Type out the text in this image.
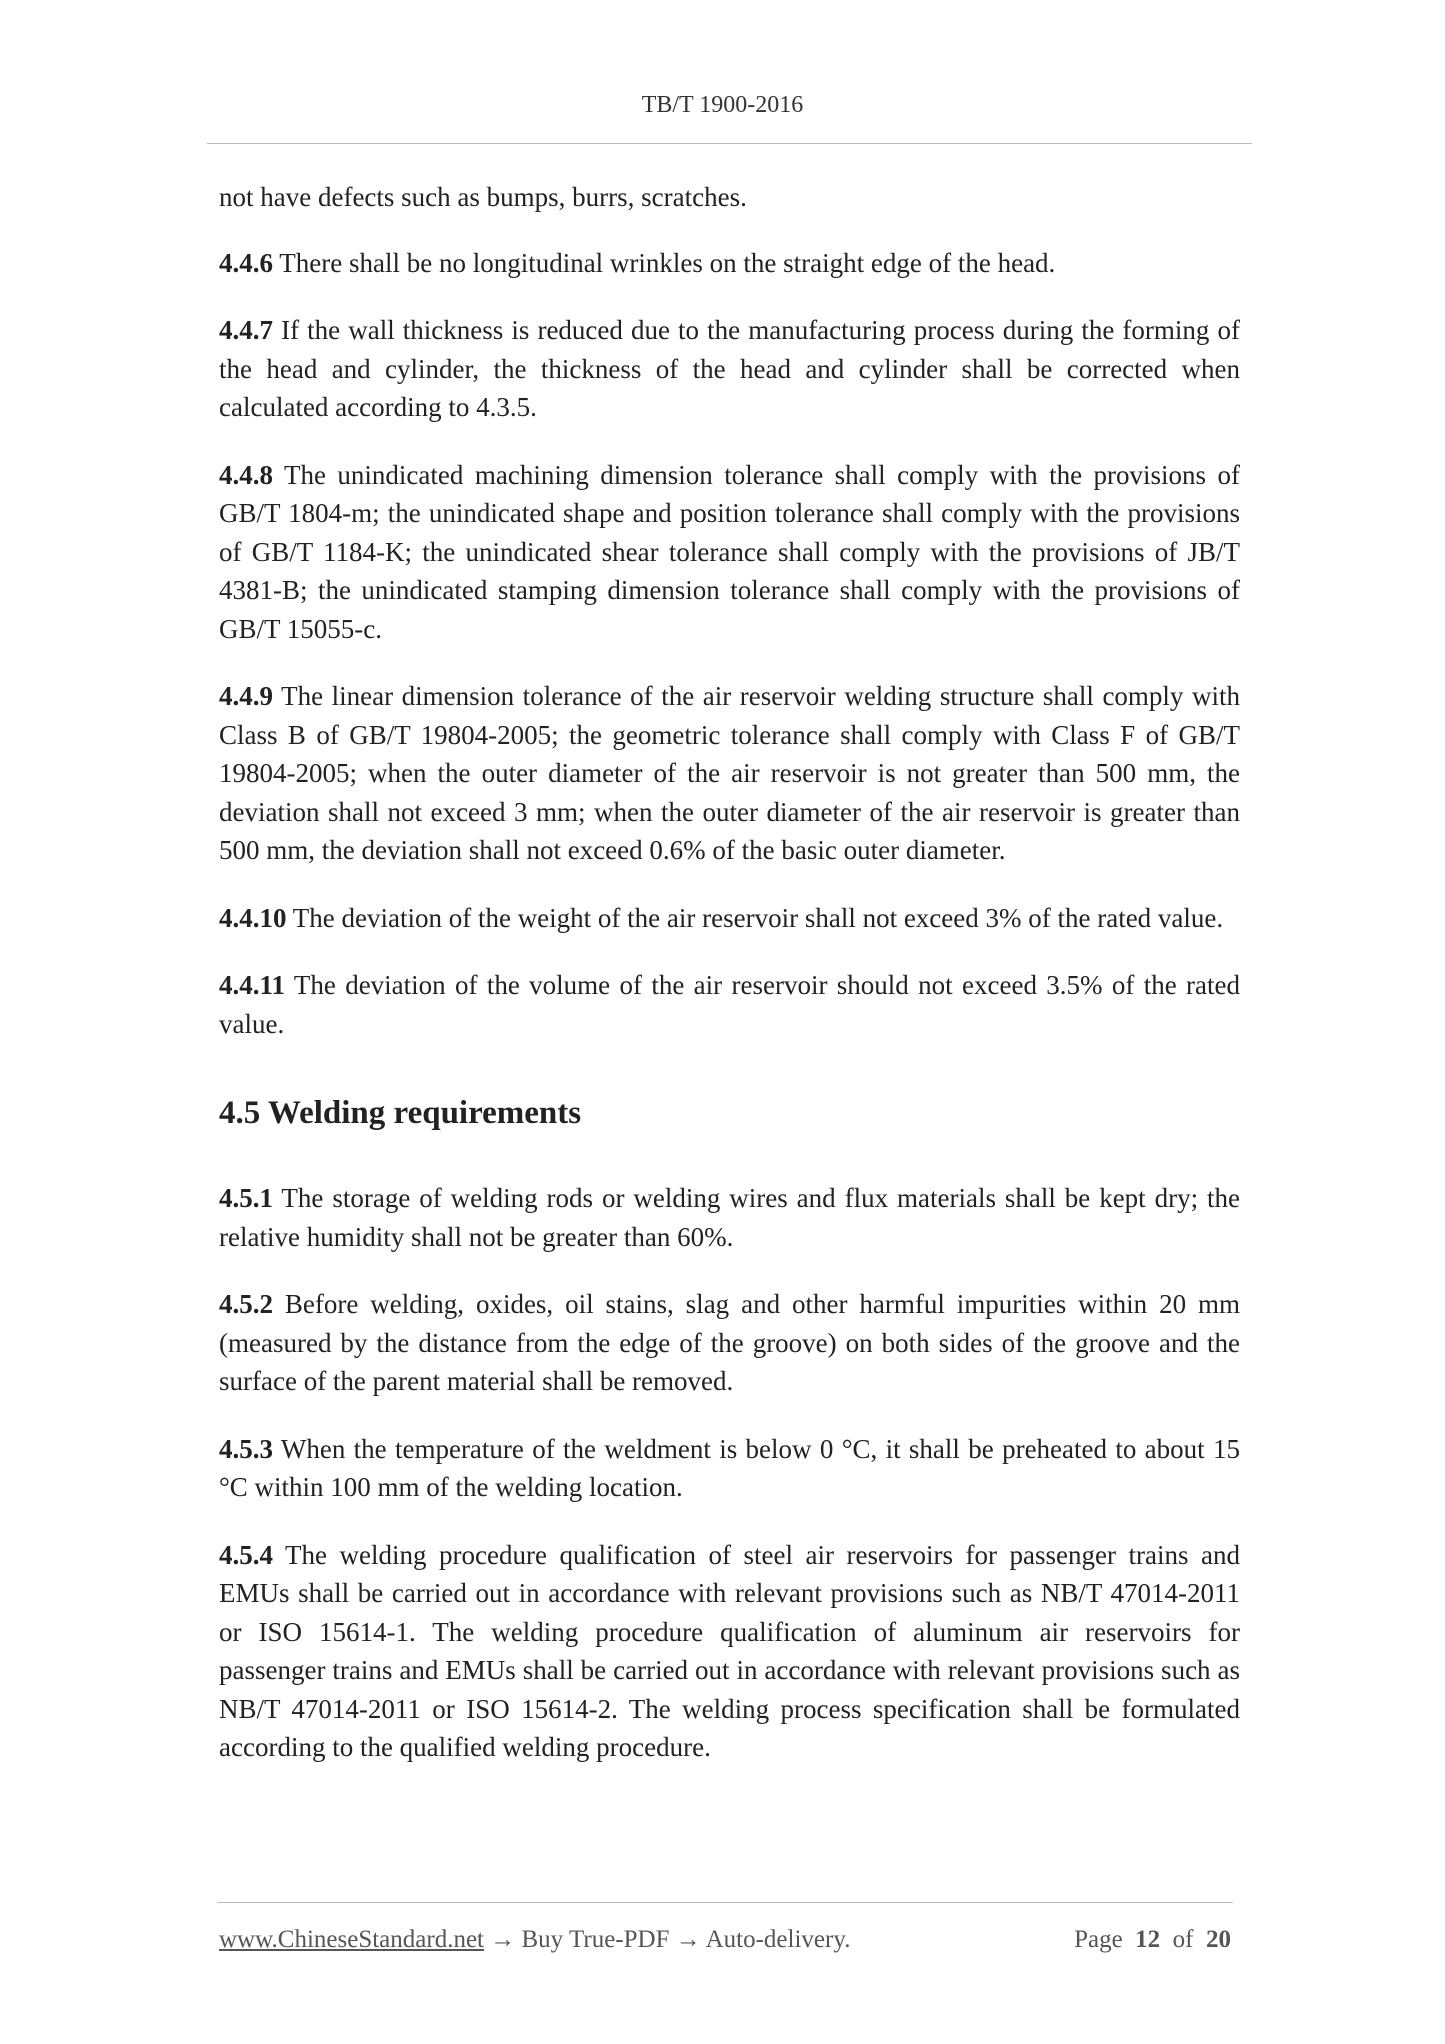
TB/T 1900-2016

not have defects such as bumps, burrs, scratches.

4.4.6 There shall be no longitudinal wrinkles on the straight edge of the head.

4.4.7 If the wall thickness is reduced due to the manufacturing process during the forming of the head and cylinder, the thickness of the head and cylinder shall be corrected when calculated according to 4.3.5.

4.4.8 The unindicated machining dimension tolerance shall comply with the provisions of GB/T 1804-m; the unindicated shape and position tolerance shall comply with the provisions of GB/T 1184-K; the unindicated shear tolerance shall comply with the provisions of JB/T 4381-B; the unindicated stamping dimension tolerance shall comply with the provisions of GB/T 15055-c.

4.4.9 The linear dimension tolerance of the air reservoir welding structure shall comply with Class B of GB/T 19804-2005; the geometric tolerance shall comply with Class F of GB/T 19804-2005; when the outer diameter of the air reservoir is not greater than 500 mm, the deviation shall not exceed 3 mm; when the outer diameter of the air reservoir is greater than 500 mm, the deviation shall not exceed 0.6% of the basic outer diameter.

4.4.10 The deviation of the weight of the air reservoir shall not exceed 3% of the rated value.

4.4.11 The deviation of the volume of the air reservoir should not exceed 3.5% of the rated value.

4.5 Welding requirements

4.5.1 The storage of welding rods or welding wires and flux materials shall be kept dry; the relative humidity shall not be greater than 60%.

4.5.2 Before welding, oxides, oil stains, slag and other harmful impurities within 20 mm (measured by the distance from the edge of the groove) on both sides of the groove and the surface of the parent material shall be removed.

4.5.3 When the temperature of the weldment is below 0 °C, it shall be preheated to about 15 °C within 100 mm of the welding location.

4.5.4 The welding procedure qualification of steel air reservoirs for passenger trains and EMUs shall be carried out in accordance with relevant provisions such as NB/T 47014-2011 or ISO 15614-1. The welding procedure qualification of aluminum air reservoirs for passenger trains and EMUs shall be carried out in accordance with relevant provisions such as NB/T 47014-2011 or ISO 15614-2. The welding process specification shall be formulated according to the qualified welding procedure.

www.ChineseStandard.net → Buy True-PDF → Auto-delivery.	Page 12 of 20
